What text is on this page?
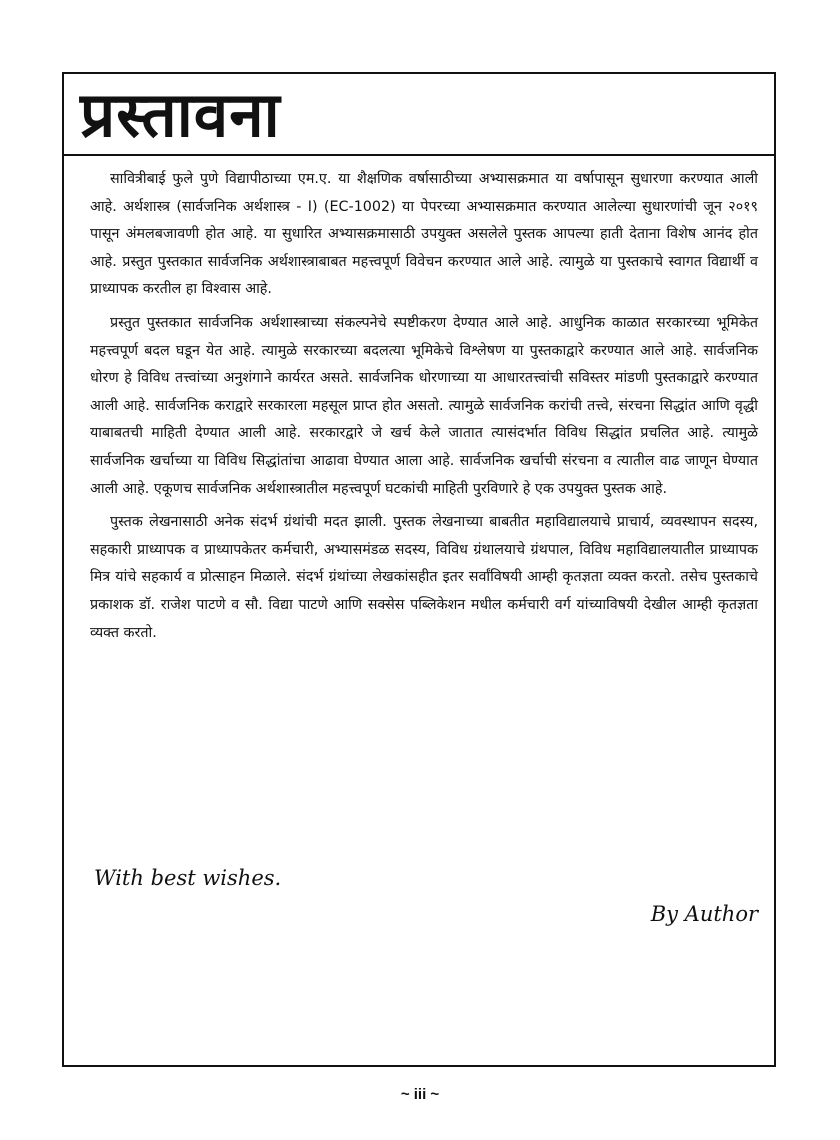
प्रस्तावना

सावित्रीबाई फुले पुणे विद्यापीठाच्या एम.ए. या शैक्षणिक वर्षासाठीच्या अभ्यासक्रमात या वर्षापासून सुधारणा करण्यात आली आहे. अर्थशास्त्र (सार्वजनिक अर्थशास्त्र - I) (EC-1002) या पेपरच्या अभ्यासक्रमात करण्यात आलेल्या सुधारणांची जून २०१९ पासून अंमलबजावणी होत आहे. या सुधारित अभ्यासक्रमासाठी उपयुक्त असलेले पुस्तक आपल्या हाती देताना विशेष आनंद होत आहे. प्रस्तुत पुस्तकात सार्वजनिक अर्थशास्त्राबाबत महत्त्वपूर्ण विवेचन करण्यात आले आहे. त्यामुळे या पुस्तकाचे स्वागत विद्यार्थी व प्राध्यापक करतील हा विश्वास आहे.

प्रस्तुत पुस्तकात सार्वजनिक अर्थशास्त्राच्या संकल्पनेचे स्पष्टीकरण देण्यात आले आहे. आधुनिक काळात सरकारच्या भूमिकेत महत्त्वपूर्ण बदल घडून येत आहे. त्यामुळे सरकारच्या बदलत्या भूमिकेचे विश्लेषण या पुस्तकाद्वारे करण्यात आले आहे. सार्वजनिक धोरण हे विविध तत्त्वांच्या अनुशंगाने कार्यरत असते. सार्वजनिक धोरणाच्या या आधारतत्त्वांची सविस्तर मांडणी पुस्तकाद्वारे करण्यात आली आहे. सार्वजनिक कराद्वारे सरकारला महसूल प्राप्त होत असतो. त्यामुळे सार्वजनिक करांची तत्त्वे, संरचना सिद्धांत आणि वृद्धी याबाबतची माहिती देण्यात आली आहे. सरकारद्वारे जे खर्च केले जातात त्यासंदर्भात विविध सिद्धांत प्रचलित आहे. त्यामुळे सार्वजनिक खर्चाच्या या विविध सिद्धांतांचा आढावा घेण्यात आला आहे. सार्वजनिक खर्चाची संरचना व त्यातील वाढ जाणून घेण्यात आली आहे. एकूणच सार्वजनिक अर्थशास्त्रातील महत्त्वपूर्ण घटकांची माहिती पुरविणारे हे एक उपयुक्त पुस्तक आहे.

पुस्तक लेखनासाठी अनेक संदर्भ ग्रंथांची मदत झाली. पुस्तक लेखनाच्या बाबतीत महाविद्यालयाचे प्राचार्य, व्यवस्थापन सदस्य, सहकारी प्राध्यापक व प्राध्यापकेतर कर्मचारी, अभ्यासमंडळ सदस्य, विविध ग्रंथालयाचे ग्रंथपाल, विविध महाविद्यालयातील प्राध्यापक मित्र यांचे सहकार्य व प्रोत्साहन मिळाले. संदर्भ ग्रंथांच्या लेखकांसहीत इतर सर्वांविषयी आम्ही कृतज्ञता व्यक्त करतो. तसेच पुस्तकाचे प्रकाशक डॉ. राजेश पाटणे व सौ. विद्या पाटणे आणि सक्सेस पब्लिकेशन मधील कर्मचारी वर्ग यांच्याविषयी देखील आम्ही कृतज्ञता व्यक्त करतो.

With best wishes.
By Author
~ iii ~
